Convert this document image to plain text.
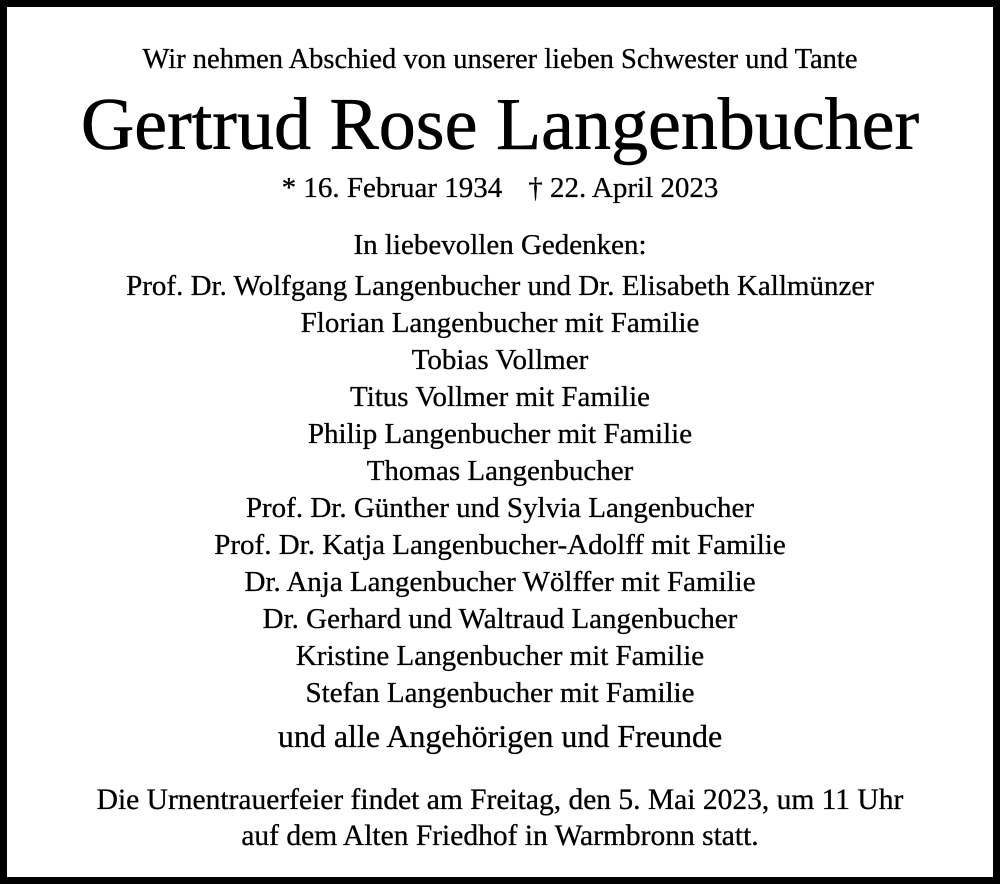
Wir nehmen Abschied von unserer lieben Schwester und Tante
Gertrud Rose Langenbucher
* 16. Februar 1934 † 22. April 2023
In liebevollen Gedenken:
Prof. Dr. Wolfgang Langenbucher und Dr. Elisabeth Kallmünzer
Florian Langenbucher mit Familie
Tobias Vollmer
Titus Vollmer mit Familie
Philip Langenbucher mit Familie
Thomas Langenbucher
Prof. Dr. Günther und Sylvia Langenbucher
Prof. Dr. Katja Langenbucher-Adolff mit Familie
Dr. Anja Langenbucher Wölffer mit Familie
Dr. Gerhard und Waltraud Langenbucher
Kristine Langenbucher mit Familie
Stefan Langenbucher mit Familie
und alle Angehörigen und Freunde
Die Urnentrauerfeier findet am Freitag, den 5. Mai 2023, um 11 Uhr
auf dem Alten Friedhof in Warmbronn statt.
